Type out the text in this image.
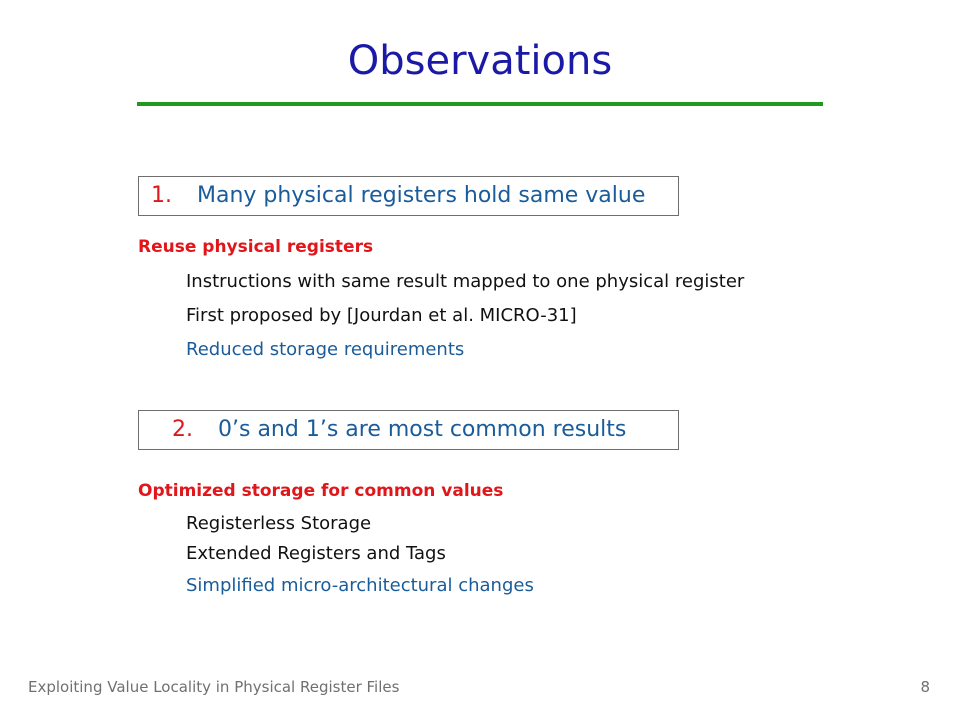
Observations
1. Many physical registers hold same value
Reuse physical registers
Instructions with same result mapped to one physical register
First proposed by [Jourdan et al. MICRO-31]
Reduced storage requirements
2. 0’s and 1’s are most common results
Optimized storage for common values
Registerless Storage
Extended Registers and Tags
Simplified micro-architectural changes
Exploiting Value Locality in Physical Register Files	8
